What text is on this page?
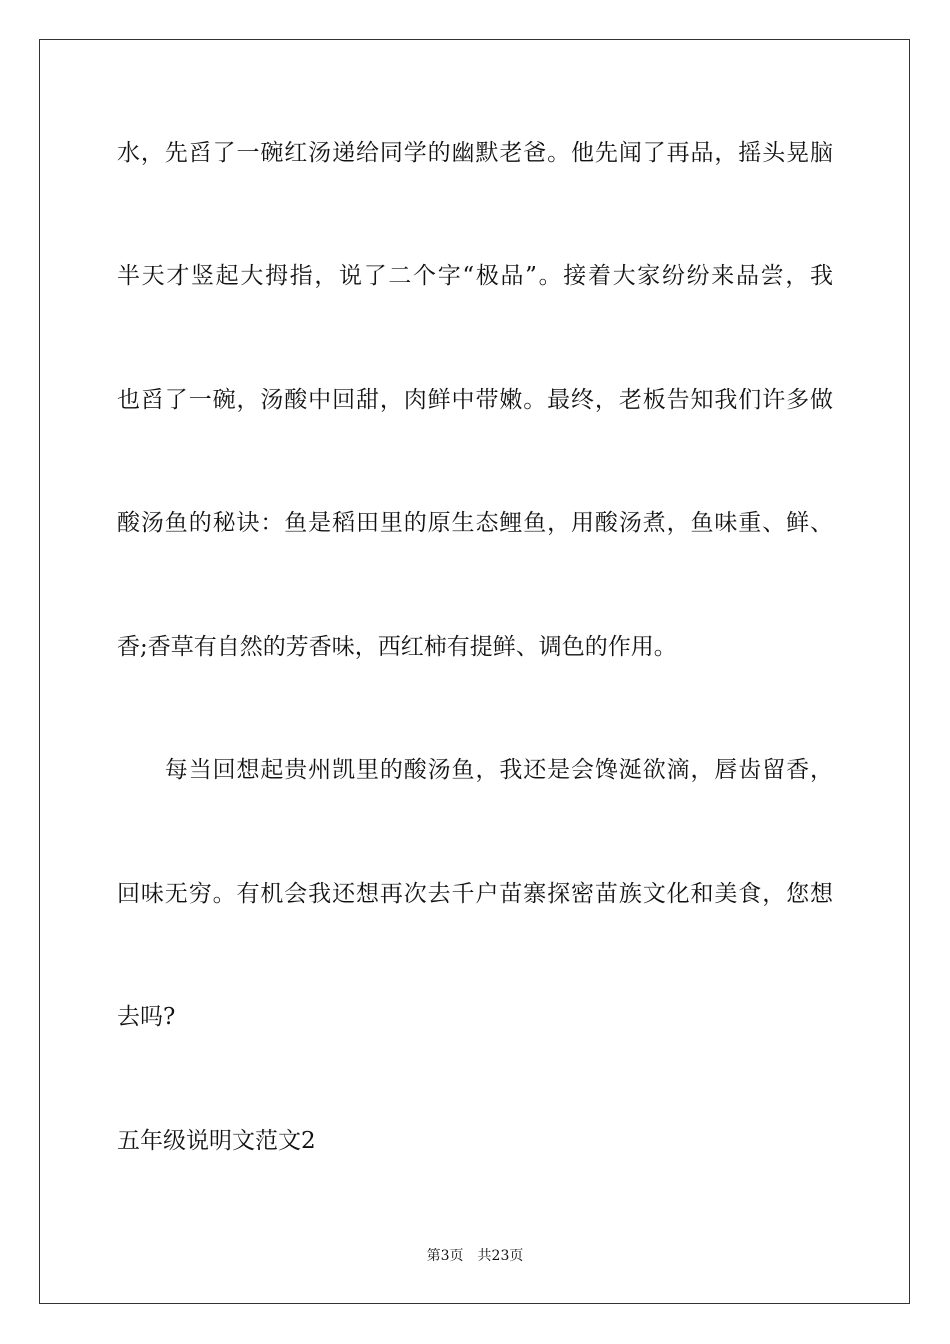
水，先舀了一碗红汤递给同学的幽默老爸。他先闻了再品，摇头晃脑
半天才竖起大拇指，说了二个字“极品”。接着大家纷纷来品尝，我
也舀了一碗，汤酸中回甜，肉鲜中带嫩。最终，老板告知我们许多做
酸汤鱼的秘诀：鱼是稻田里的原生态鲤鱼，用酸汤煮，鱼味重、鲜、
香;香草有自然的芳香味，西红柿有提鲜、调色的作用。
　　每当回想起贵州凯里的酸汤鱼，我还是会馋涎欲滴，唇齿留香，
回味无穷。有机会我还想再次去千户苗寨探密苗族文化和美食，您想
去吗?
五年级说明文范文2
第3页 共23页
